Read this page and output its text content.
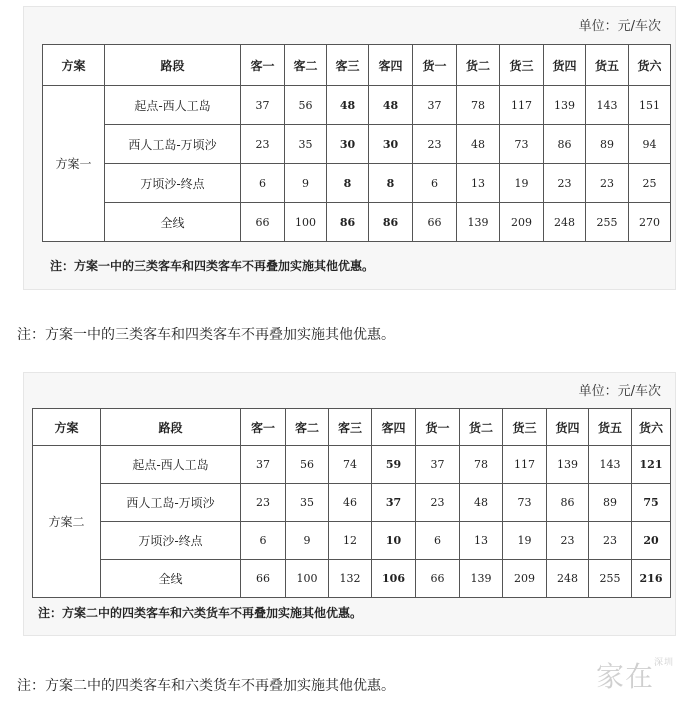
单位：元/车次
方案	路段	客一	客二	客三	客四	货一	货二	货三	货四	货五	货六
方案一	起点-西人工岛	37	56	48	48	37	78	117	139	143	151
	西人工岛-万顷沙	23	35	30	30	23	48	73	86	89	94
	万顷沙-终点	6	9	8	8	6	13	19	23	23	25
	全线	66	100	86	86	66	139	209	248	255	270
注：方案一中的三类客车和四类客车不再叠加实施其他优惠。
注：方案一中的三类客车和四类客车不再叠加实施其他优惠。
单位：元/车次
方案	路段	客一	客二	客三	客四	货一	货二	货三	货四	货五	货六
方案二	起点-西人工岛	37	56	74	59	37	78	117	139	143	121
	西人工岛-万顷沙	23	35	46	37	23	48	73	86	89	75
	万顷沙-终点	6	9	12	10	6	13	19	23	23	20
	全线	66	100	132	106	66	139	209	248	255	216
注：方案二中的四类客车和六类货车不再叠加实施其他优惠。
注：方案二中的四类客车和六类货车不再叠加实施其他优惠。	家在$^{深圳}$
